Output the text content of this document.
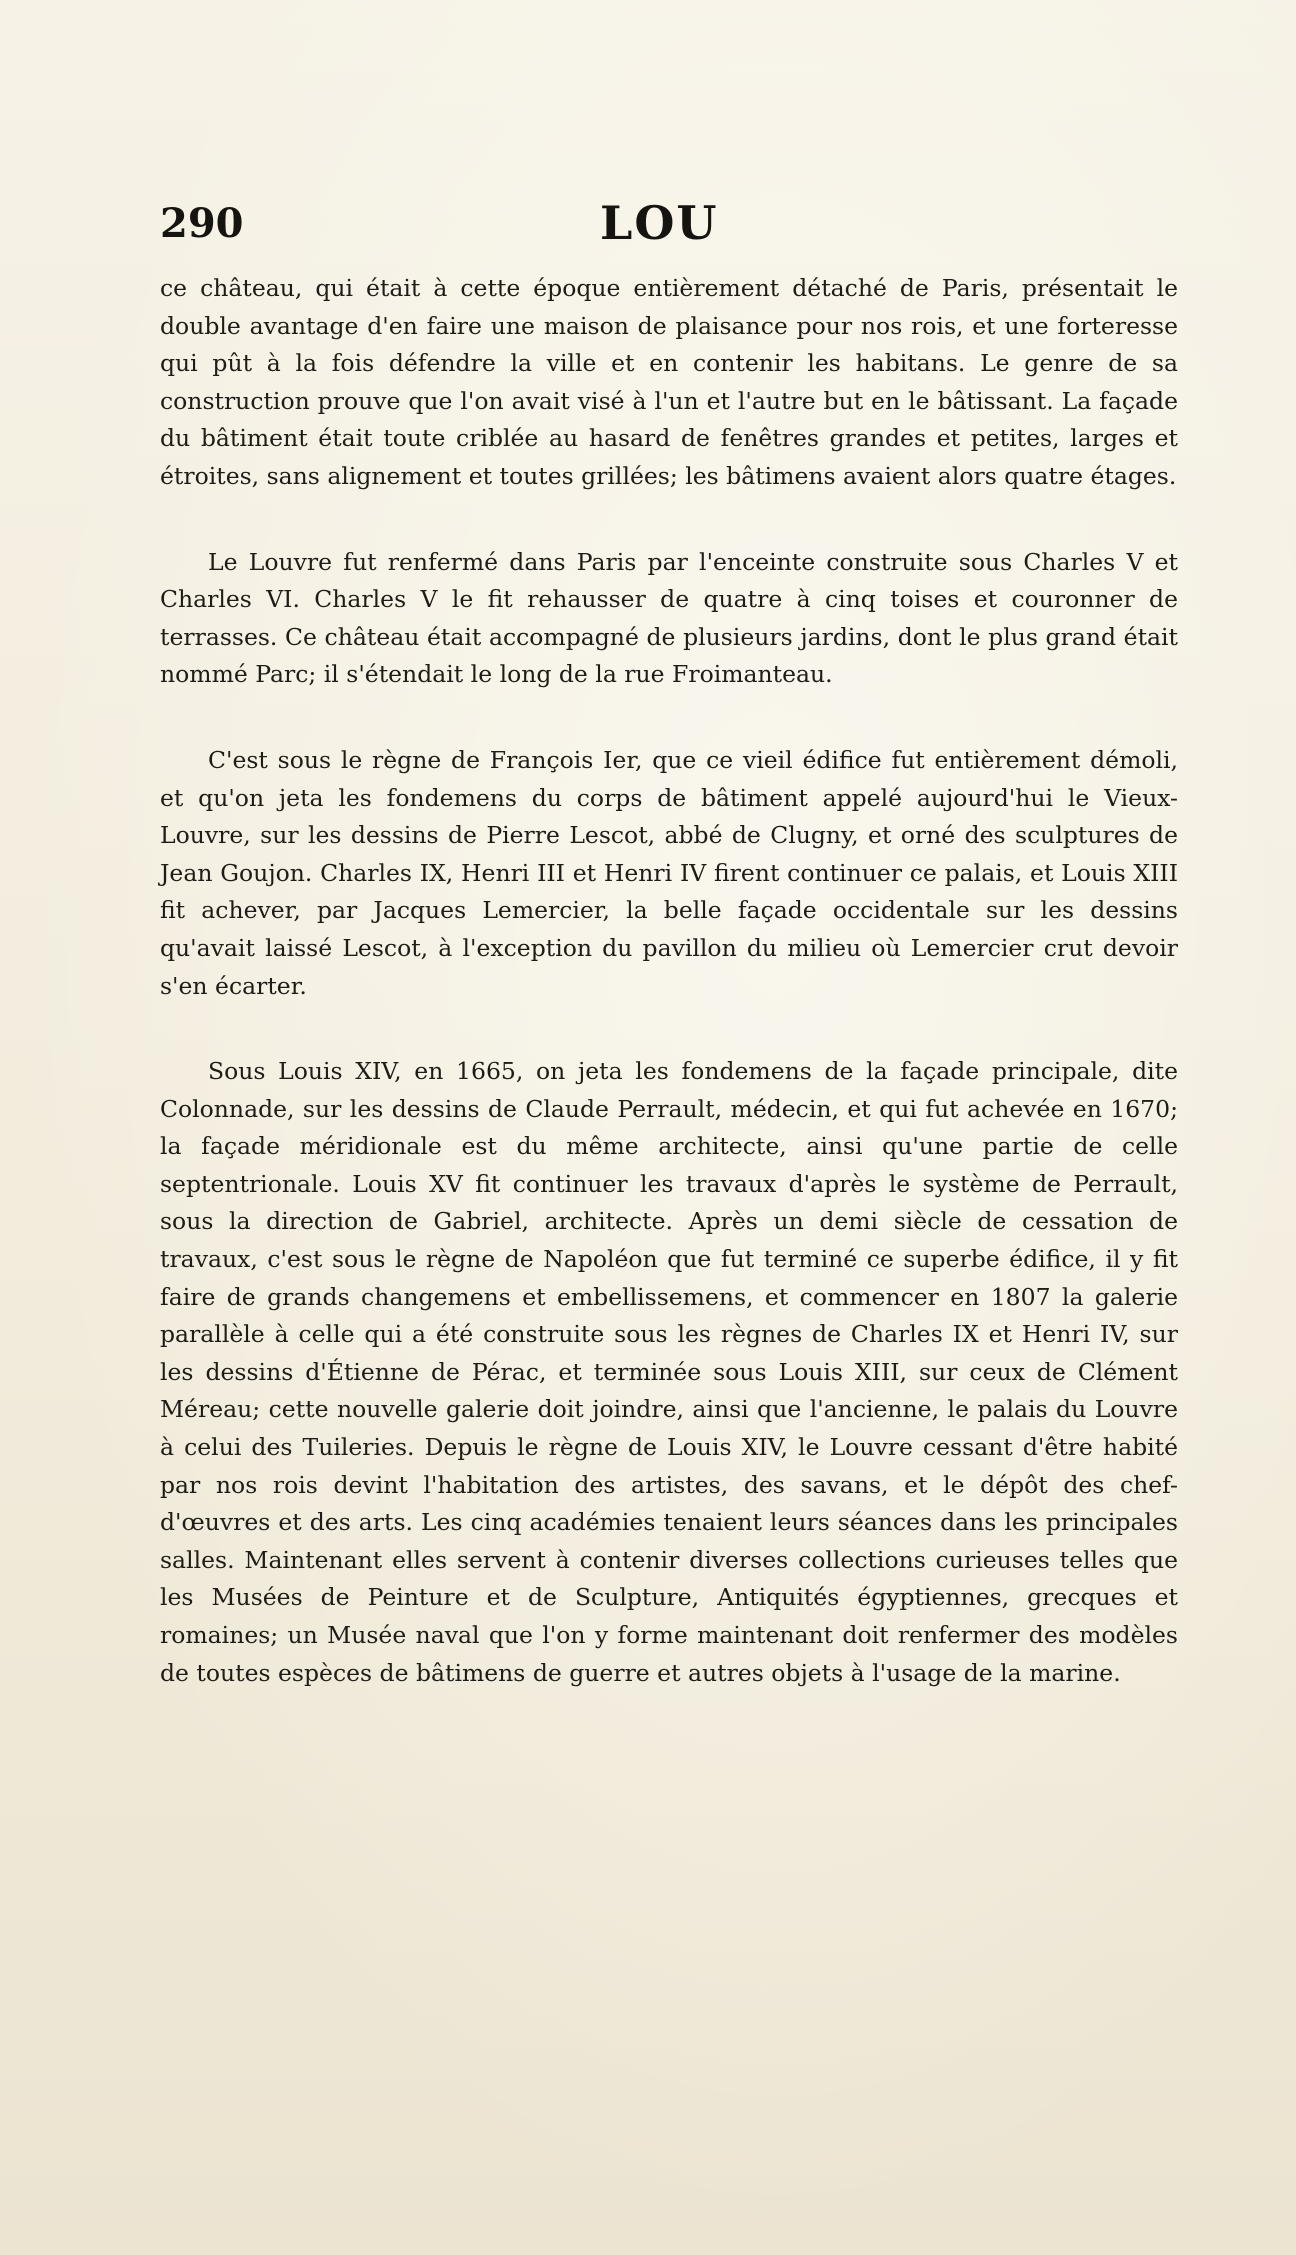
290	LOU

ce château, qui était à cette époque entièrement détaché de Paris, présentait le double avantage d'en faire une maison de plaisance pour nos rois, et une forteresse qui pût à la fois défendre la ville et en contenir les habitans. Le genre de sa construction prouve que l'on avait visé à l'un et l'autre but en le bâtissant. La façade du bâtiment était toute criblée au hasard de fenêtres grandes et petites, larges et étroites, sans alignement et toutes grillées; les bâtimens avaient alors quatre étages.

Le Louvre fut renfermé dans Paris par l'enceinte construite sous Charles V et Charles VI. Charles V le fit rehausser de quatre à cinq toises et couronner de terrasses. Ce château était accompagné de plusieurs jardins, dont le plus grand était nommé Parc; il s'étendait le long de la rue Froimanteau.

C'est sous le règne de François Ier, que ce vieil édifice fut entièrement démoli, et qu'on jeta les fondemens du corps de bâtiment appelé aujourd'hui le Vieux-Louvre, sur les dessins de Pierre Lescot, abbé de Clugny, et orné des sculptures de Jean Goujon. Charles IX, Henri III et Henri IV firent continuer ce palais, et Louis XIII fit achever, par Jacques Lemercier, la belle façade occidentale sur les dessins qu'avait laissé Lescot, à l'exception du pavillon du milieu où Lemercier crut devoir s'en écarter.

Sous Louis XIV, en 1665, on jeta les fondemens de la façade principale, dite Colonnade, sur les dessins de Claude Perrault, médecin, et qui fut achevée en 1670; la façade méridionale est du même architecte, ainsi qu'une partie de celle septentrionale. Louis XV fit continuer les travaux d'après le système de Perrault, sous la direction de Gabriel, architecte. Après un demi siècle de cessation de travaux, c'est sous le règne de Napoléon que fut terminé ce superbe édifice, il y fit faire de grands changemens et embellissemens, et commencer en 1807 la galerie parallèle à celle qui a été construite sous les règnes de Charles IX et Henri IV, sur les dessins d'Étienne de Pérac, et terminée sous Louis XIII, sur ceux de Clément Méreau; cette nouvelle galerie doit joindre, ainsi que l'ancienne, le palais du Louvre à celui des Tuileries. Depuis le règne de Louis XIV, le Louvre cessant d'être habité par nos rois devint l'habitation des artistes, des savans, et le dépôt des chef-d'œuvres et des arts. Les cinq académies tenaient leurs séances dans les principales salles. Maintenant elles servent à contenir diverses collections curieuses telles que les Musées de Peinture et de Sculpture, Antiquités égyptiennes, grecques et romaines; un Musée naval que l'on y forme maintenant doit renfermer des modèles de toutes espèces de bâtimens de guerre et autres objets à l'usage de la marine.
